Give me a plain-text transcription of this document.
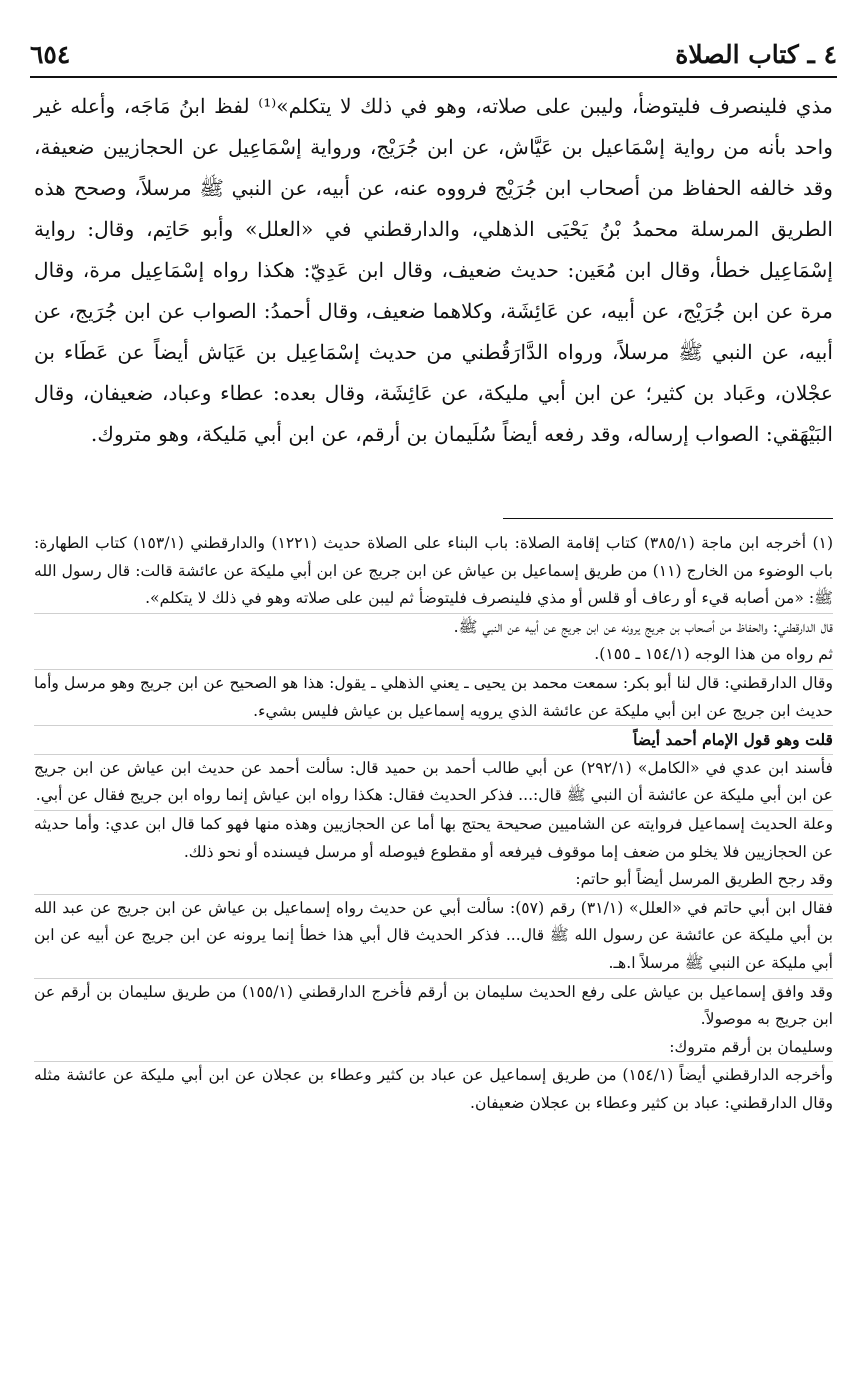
٤ ـ كتاب الصلاة
٦٥٤

مذي فلينصرف فليتوضأ، وليبن على صلاته، وهو في ذلك لا يتكلم»⁽¹⁾ لفظ ابنُ مَاجَه، وأعله غير واحد بأنه من رواية إسْمَاعيل بن عَيَّاش، عن ابن جُرَيْج، ورواية إسْمَاعِيل عن الحجازيين ضعيفة، وقد خالفه الحفاظ من أصحاب ابن جُرَيْج فرووه عنه، عن أبيه، عن النبي ﷺ مرسلاً، وصحح هذه الطريق المرسلة محمدُ بْنُ يَحْيَى الذهلي، والدارقطني في «العلل» وأبو حَاتِم، وقال: رواية إسْمَاعِيل خطأ، وقال ابن مُعَين: حديث ضعيف، وقال ابن عَدِيّ: هكذا رواه إسْمَاعِيل مرة، وقال مرة عن ابن جُرَيْج، عن أبيه، عن عَائِشَة، وكلاهما ضعيف، وقال أحمدُ: الصواب عن ابن جُرَيج، عن أبيه، عن النبي ﷺ مرسلاً، ورواه الدَّارَقُطني من حديث إسْمَاعِيل بن عَيَاش أيضاً عن عَطَاء بن عجْلان، وعَباد بن كثير؛ عن ابن أبي مليكة، عن عَائِشَة، وقال بعده: عطاء وعباد، ضعيفان، وقال البَيْهَقي: الصواب إرساله، وقد رفعه أيضاً سُلَيمان بن أرقم، عن ابن أبي مَليكة، وهو متروك.

(١) أخرجه ابن ماجة (٣٨٥/١) كتاب إقامة الصلاة: باب البناء على الصلاة حديث (١٢٢١) والدارقطني (١٥٣/١) كتاب الطهارة: باب الوضوء من الخارج (١١) من طريق إسماعيل بن عياش عن ابن جريج عن ابن أبي مليكة عن عائشة قالت: قال رسول الله ﷺ: «من أصابه قيء أو رعاف أو قلس أو مذي فلينصرف فليتوضأ ثم ليبن على صلاته وهو في ذلك لا يتكلم».

قال الدارقطني: والحفاظ من أصحاب بن جريج يرونه عن ابن جريج عن أبيه عن النبي ﷺ.

ثم رواه من هذا الوجه (١٥٤/١ ـ ١٥٥).

وقال الدارقطني: قال لنا أبو بكر: سمعت محمد بن يحيى ـ يعني الذهلي ـ يقول: هذا هو الصحيح عن ابن جريج وهو مرسل وأما حديث ابن جريج عن ابن أبي مليكة عن عائشة الذي يرويه إسماعيل بن عياش فليس بشيء.

قلت وهو قول الإمام أحمد أيضاً

فأسند ابن عدي في «الكامل» (٢٩٢/١) عن أبي طالب أحمد بن حميد قال: سألت أحمد عن حديث ابن عياش عن ابن جريج عن ابن أبي مليكة عن عائشة أن النبي ﷺ قال:... فذكر الحديث فقال: هكذا رواه ابن عياش إنما رواه ابن جريج فقال عن أبي.

وعلة الحديث إسماعيل فروايته عن الشاميين صحيحة يحتج بها أما عن الحجازيين وهذه منها فهو كما قال ابن عدي: وأما حديثه عن الحجازيين فلا يخلو من ضعف إما موقوف فيرفعه أو مقطوع فيوصله أو مرسل فيسنده أو نحو ذلك.

وقد رجح الطريق المرسل أيضاً أبو حاتم:

فقال ابن أبي حاتم في «العلل» (٣١/١) رقم (٥٧): سألت أبي عن حديث رواه إسماعيل بن عياش عن ابن جريج عن عبد الله بن أبي مليكة عن عائشة عن رسول الله ﷺ قال... فذكر الحديث قال أبي هذا خطأ إنما يرونه عن ابن جريج عن أبيه عن ابن أبي مليكة عن النبي ﷺ مرسلاً ا.هـ.

وقد وافق إسماعيل بن عياش على رفع الحديث سليمان بن أرقم فأخرج الدارقطني (١٥٥/١) من طريق سليمان بن أرقم عن ابن جريج به موصولاً.

وسليمان بن أرقم متروك:

وأخرجه الدارقطني أيضاً (١٥٤/١) من طريق إسماعيل عن عباد بن كثير وعطاء بن عجلان عن ابن أبي مليكة عن عائشة مثله وقال الدارقطني: عباد بن كثير وعطاء بن عجلان ضعيفان.
